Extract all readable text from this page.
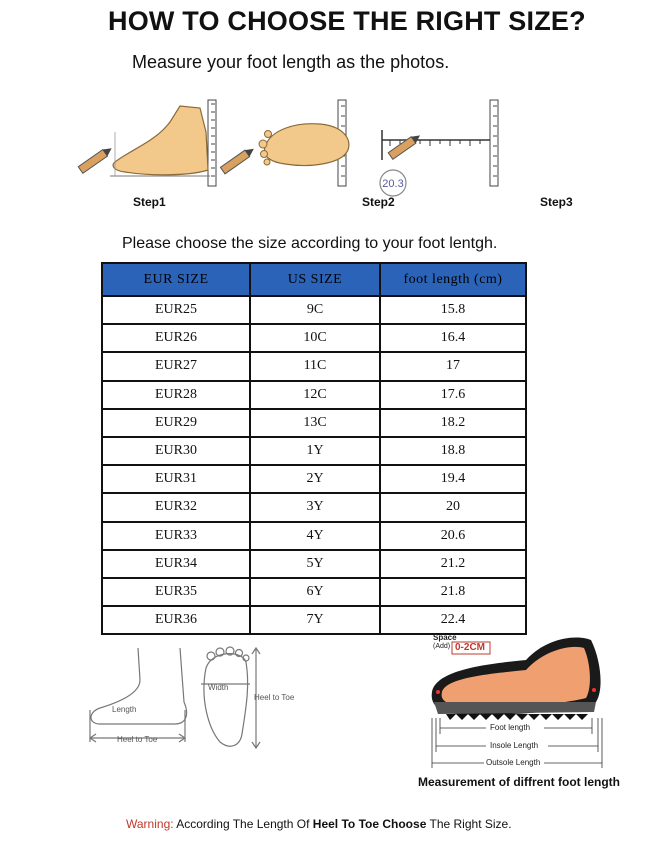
HOW TO CHOOSE THE RIGHT SIZE?
Measure your foot length as the photos.
20.3
Step1	Step2	Step3
Please choose the size according to your foot lentgh.
EUR SIZE	US SIZE	foot length (cm)
EUR25	9C	15.8
EUR26	10C	16.4
EUR27	11C	17
EUR28	12C	17.6
EUR29	13C	18.2
EUR30	1Y	18.8
EUR31	2Y	19.4
EUR32	3Y	20
EUR33	4Y	20.6
EUR34	5Y	21.2
EUR35	6Y	21.8
EUR36	7Y	22.4
Length
Heel to Toe
Width
Heel to Toe
Space
(Add) 0-2CM
Foot length
Insole Length
Outsole Length
Measurement of diffrent foot length
Warning: According The Length Of Heel To Toe Choose The Right Size.
